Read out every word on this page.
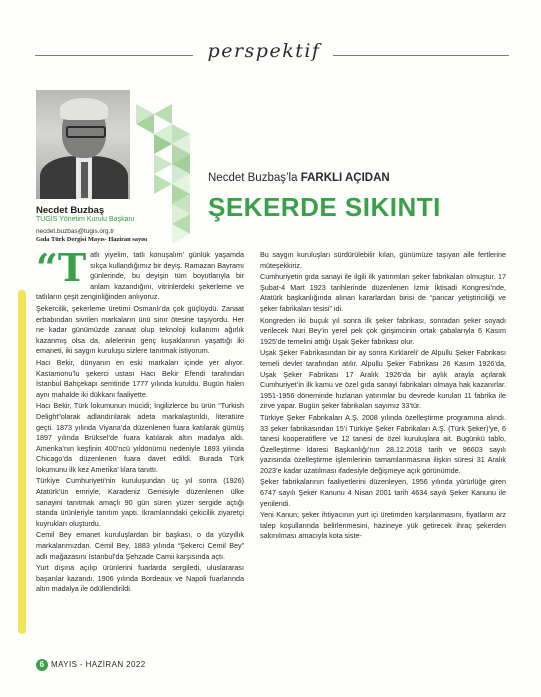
perspektif
Necdet Buzbaş
TÜGİS Yönetim Kurulu Başkanı
necdet.buzbas@tugis.org.tr
Gıda Türk Dergisi Mayıs- Haziran sayısı
Necdet Buzbaş’la FARKLI AÇIDAN
ŞEKERDE SIKINTI

“Tatlı yiyelim, tatlı konuşalım’ günlük yaşamda sıkça kullandığımız bir deyiş. Ramazan Bayramı günlerinde, bu deyişin tüm boyutlarıyla bir anlam kazandığını, vitrinlerdeki şekerleme ve tatlıların çeşit zenginliğinden anlıyoruz.

Şekercilik, şekerleme üretimi Osmanlı’da çok güçlüydü. Zanaat erbabından sivrilen markaların ünü sınır ötesine taşıyordu. Her ne kadar günümüzde zanaat olup teknoloji kullanımı ağırlık kazanmış olsa da, ailelerinin genç kuşaklarının yaşattığı iki emaneti, iki saygın kuruluşu sizlere tanıtmak istiyorum.

Hacı Bekir, dünyanın en eski markaları içinde yer alıyor. Kastamonu’lu şekerci ustası Hacı Bekir Efendi tarafından İstanbul Bahçekapı semtinde 1777 yılında kuruldu. Bugün halen aynı mahalde iki dükkanı faaliyette.

Hacı Bekir, Türk lokumunun mucidi; İngilizlerce bu ürün “Turkish Delight”olarak adlandırılarak adeta markalaştırıldı, literatüre geçti. 1873 yılında Viyana’da düzenlenen fuara katılarak gümüş 1897 yılında Brüksel’de fuara katılarak altın madalya aldı. Amerika’nın keşfinin 400’ncü yıldönümü nedeniyle 1893 yılında Chicago’da düzenlenen fuara davet edildi. Burada Türk lokumunu ilk kez Amerika’ lılara tanıttı.

Türkiye Cumhuriyeti’nin kuruluşundan üç yıl sonra (1926) Atatürk’ün emriyle, Karadeniz Gemisiyle düzenlenen ülke sanayini tanıtmak amaçlı 90 gün süren yüzer sergide açtığı standa ürünleriyle tanıtım yaptı. İkramlarındaki çekicilik ziyaretçi kuyrukları oluşturdu.

Cemil Bey emanet kuruluşlardan bir başkası, o da yüzyıllık markalarımızdan. Cemil Bey, 1883 yılında “Şekerci Cemil Bey” adlı mağazasını İstanbul’da Şehzade Camii karşısında açtı.

Yurt dışına açılıp ürünlerini fuarlarda sergiledi, uluslararası başarılar kazandı. 1906 yılında Bordeaux ve Napoli fuarlarında altın madalya ile ödüllendirildi.

Bu saygın kuruluşları sürdürülebilir kılan, günümüze taşıyan aile fertlerine müteşekkiriz.

Cumhuriyetin gıda sanayi ile ilgili ilk yatırımları şeker fabrikaları olmuştur. 17 Şubat-4 Mart 1923 tarihlerinde düzenlenen İzmir İktisadi Kongresi’nde, Atatürk başkanlığında alınan kararlardan birisi de “pancar yetiştiriciliği ve şeker fabrikaları tesisi” idi.

Kongreden iki buçuk yıl sonra ilk şeker fabrikası, sonradan şeker soyadı verilecek Nuri Bey’in yerel pek çok girişimcinin ortak çabalarıyla 6 Kasım 1925’de temelini attığı Uşak Şeker fabrikası olur.

Uşak Şeker Fabrikasından bir ay sonra Kırklareli’ de Alpullu Şeker Fabrikası temeli devlet tarafından atılır. Alpullu Şeker Fabrikası 26 Kasım 1926’da, Uşak Şeker Fabrikası 17 Aralık 1926’da bir aylık arayla açılarak Cumhuriyet’in ilk kamu ve özel gıda sanayi fabrikaları olmaya hak kazanırlar. 1951-1956 döneminde hızlanan yatırımlar bu devrede kurulan 11 fabrika ile zirve yapar. Bugün şeker fabrikaları sayımız 33’tür.

Türkiye Şeker Fabrikaları A.Ş. 2008 yılında özelleştirme programına alındı. 33 şeker fabrikasından 15’i Türkiye Şeker Fabrikaları A.Ş. (Türk Şeker)’ye, 6 tanesi kooperatiflere ve 12 tanesi de özel kuruluşlara ait. Bugünkü tablo, Özelleştirme İdaresi Başkanlığı’nın 28.12.2018 tarih ve 96603 sayılı yazısında özelleştirme işlemlerinin tamamlanmasına ilişkin süresi 31 Aralık 2023’e kadar uzatılması ifadesiyle değişmeye açık görünümde.

Şeker fabrikalarının faaliyetlerini düzenleyen, 1956 yılında yürürlüğe giren 6747 sayılı Şeker Kanunu 4 Nisan 2001 tarih 4634 sayılı Şeker Kanunu ile yenilendi.

Yeni Kanun; şeker ihtiyacının yurt içi üretimden karşılanmasını, fiyatların arz talep koşullarında belirlenmesini, hazineye yük getirecek ihraç şekerden sakınılması amacıyla kota siste-

6 MAYIS - HAZİRAN 2022
